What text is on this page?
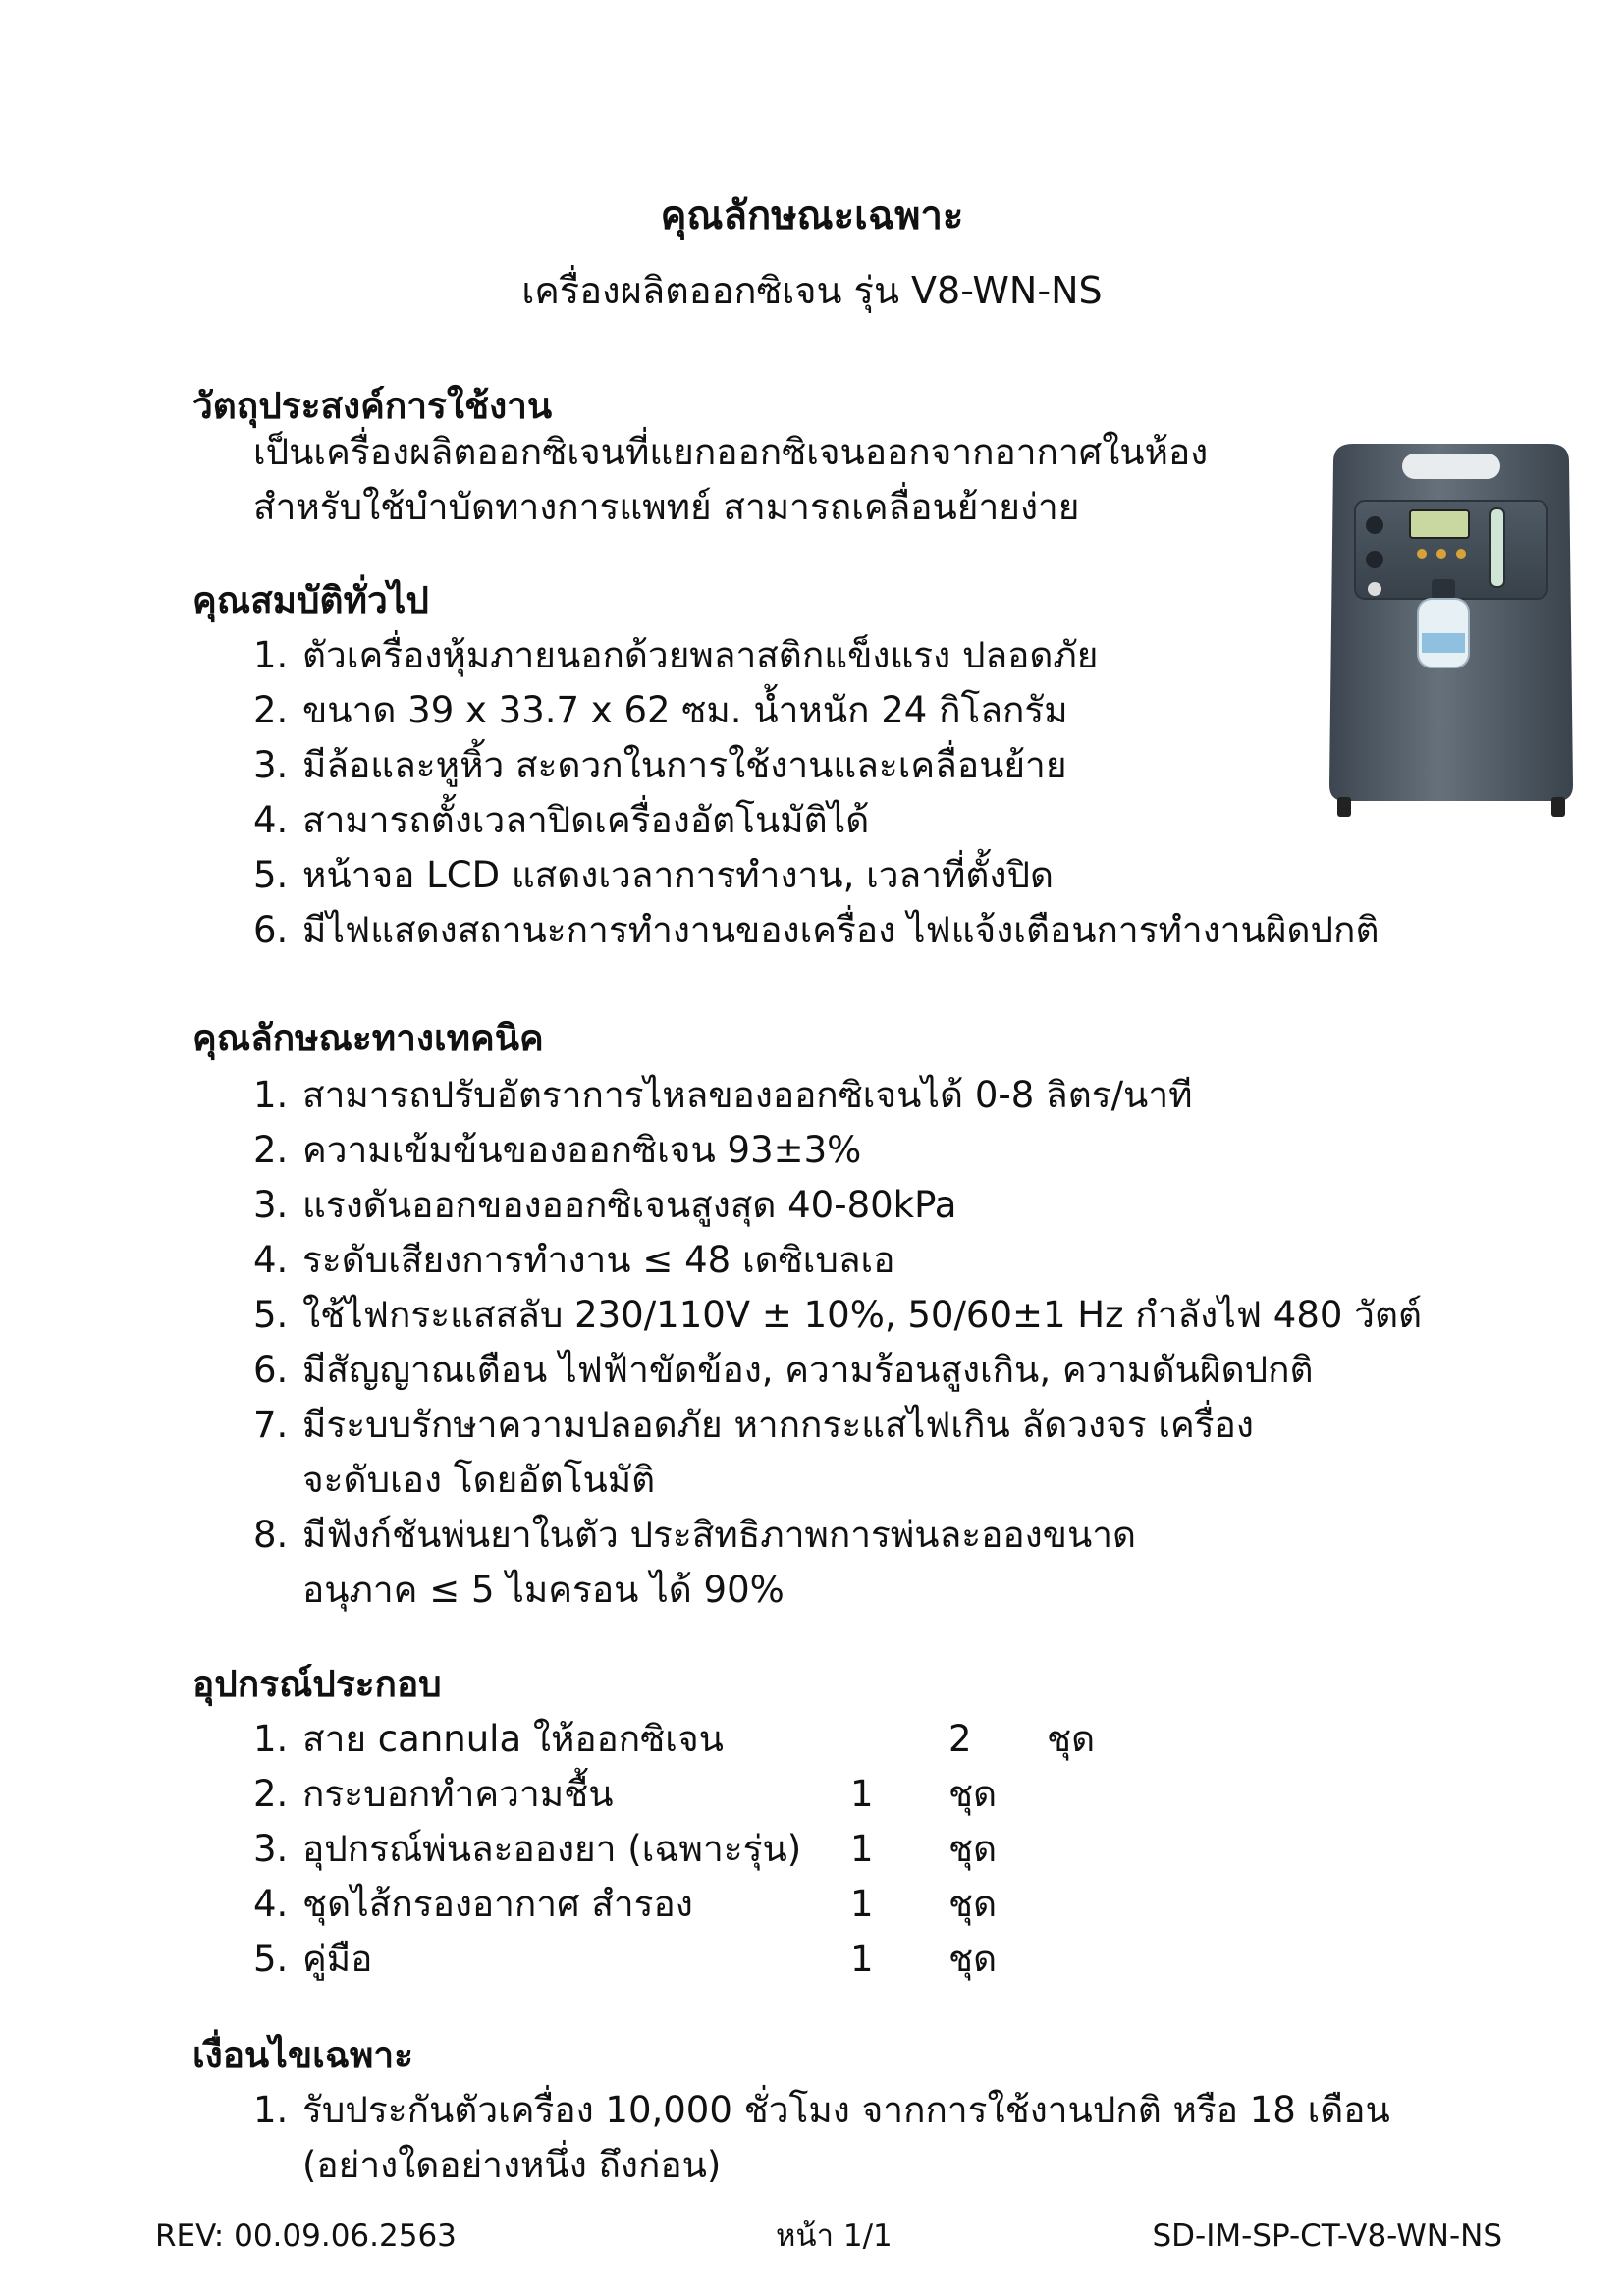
คุณลักษณะเฉพาะ
เครื่องผลิตออกซิเจน รุ่น V8-WN-NS
วัตถุประสงค์การใช้งาน
เป็นเครื่องผลิตออกซิเจนที่แยกออกซิเจนออกจากอากาศในห้อง
สำหรับใช้บำบัดทางการแพทย์ สามารถเคลื่อนย้ายง่าย
คุณสมบัติทั่วไป
1. ตัวเครื่องหุ้มภายนอกด้วยพลาสติกแข็งแรง ปลอดภัย
2. ขนาด 39 x 33.7 x 62 ซม. น้ำหนัก 24 กิโลกรัม
3. มีล้อและหูหิ้ว สะดวกในการใช้งานและเคลื่อนย้าย
4. สามารถตั้งเวลาปิดเครื่องอัตโนมัติได้
5. หน้าจอ LCD แสดงเวลาการทำงาน, เวลาที่ตั้งปิด
6. มีไฟแสดงสถานะการทำงานของเครื่อง ไฟแจ้งเตือนการทำงานผิดปกติ
คุณลักษณะทางเทคนิค
1. สามารถปรับอัตราการไหลของออกซิเจนได้ 0-8 ลิตร/นาที
2. ความเข้มข้นของออกซิเจน 93±3%
3. แรงดันออกของออกซิเจนสูงสุด 40-80kPa
4. ระดับเสียงการทำงาน ≤ 48 เดซิเบลเอ
5. ใช้ไฟกระแสสลับ 230/110V ± 10%, 50/60±1 Hz กำลังไฟ 480 วัตต์
6. มีสัญญาณเตือน ไฟฟ้าขัดข้อง, ความร้อนสูงเกิน, ความดันผิดปกติ
7. มีระบบรักษาความปลอดภัย หากกระแสไฟเกิน ลัดวงจร เครื่องจะดับเอง โดยอัตโนมัติ
8. มีฟังก์ชันพ่นยาในตัว ประสิทธิภาพการพ่นละอองขนาดอนุภาค ≤ 5 ไมครอน ได้ 90%
อุปกรณ์ประกอบ
1. สาย cannula ให้ออกซิเจน	2 ชุด
2. กระบอกทำความชื้น	1 ชุด
3. อุปกรณ์พ่นละอองยา (เฉพาะรุ่น) 1 ชุด
4. ชุดไส้กรองอากาศ สำรอง	1 ชุด
5. คู่มือ	1 ชุด
เงื่อนไขเฉพาะ
1. รับประกันตัวเครื่อง 10,000 ชั่วโมง จากการใช้งานปกติ หรือ 18 เดือน (อย่างใดอย่างหนึ่ง ถึงก่อน)
REV: 00.09.06.2563	หน้า 1/1	SD-IM-SP-CT-V8-WN-NS
